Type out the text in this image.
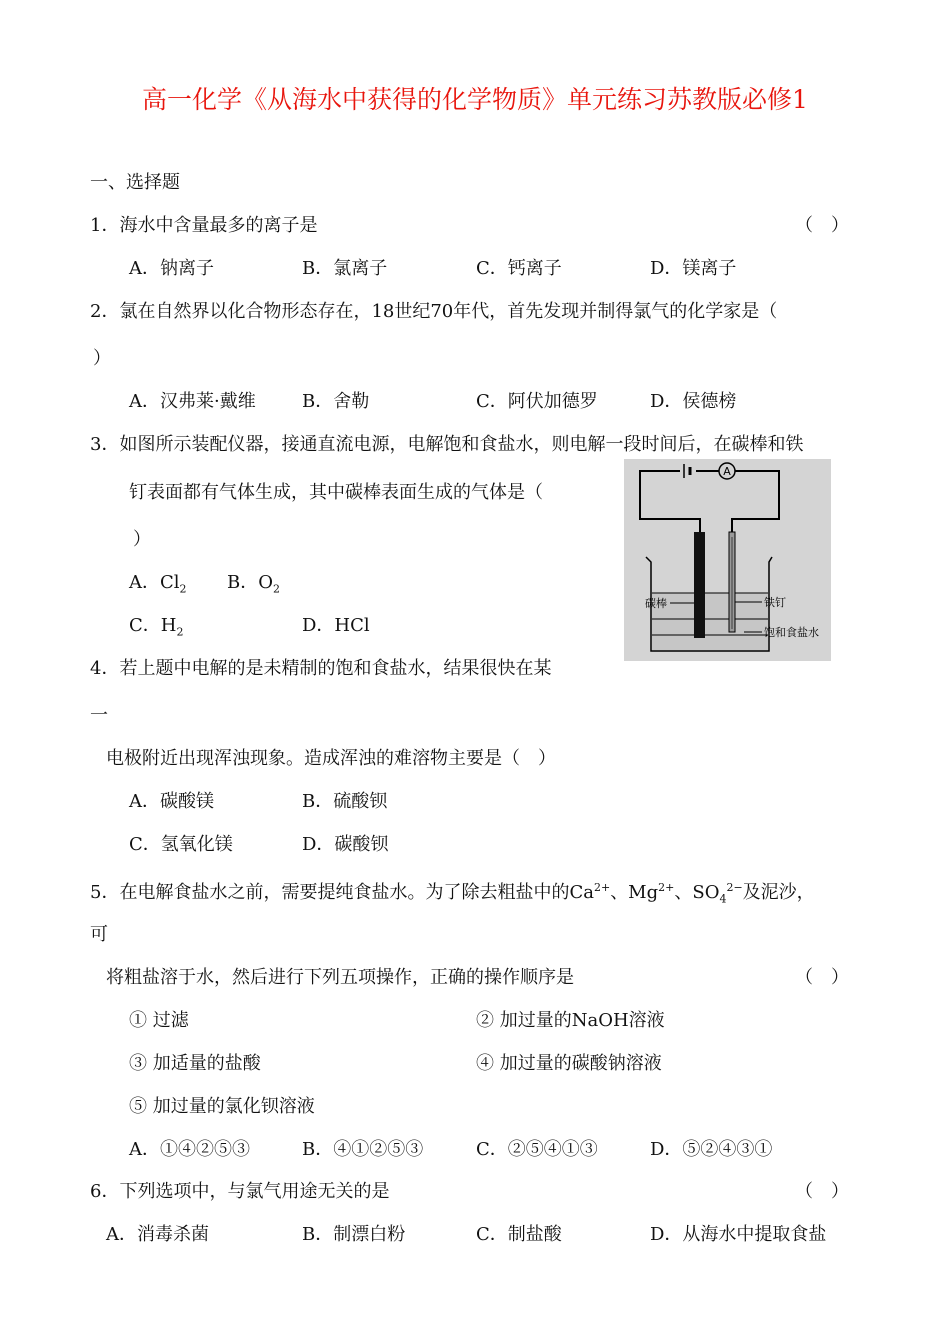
高一化学《从海水中获得的化学物质》单元练习苏教版必修1
一、选择题
1．海水中含量最多的离子是	（　）
A．钠离子	B．氯离子	C．钙离子	D．镁离子
2．氯在自然界以化合物形态存在，18世纪70年代，首先发现并制得氯气的化学家是（
）
A．汉弗莱·戴维	B．舍勒	C．阿伏加德罗	D．侯德榜
3．如图所示装配仪器，接通直流电源，电解饱和食盐水，则电解一段时间后，在碳棒和铁
钉表面都有气体生成，其中碳棒表面生成的气体是（
）
A．$Cl_2$ B．$O_2$
C．$H_2$	D．HCl
A
碳棒	铁钉
饱和食盐水
4．若上题中电解的是未精制的饱和食盐水，结果很快在某
一
电极附近出现浑浊现象。造成浑浊的难溶物主要是（　）
A．碳酸镁	B．硫酸钡
C．氢氧化镁	D．碳酸钡
5．在电解食盐水之前，需要提纯食盐水。为了除去粗盐中的$Ca^{2+}$、$Mg^{2+}$、$SO_4^{2-}$及泥沙，
可
将粗盐溶于水，然后进行下列五项操作，正确的操作顺序是	（　）
① 过滤	② 加过量的NaOH溶液
③ 加适量的盐酸	④ 加过量的碳酸钠溶液
⑤ 加过量的氯化钡溶液
A．①④②⑤③	B．④①②⑤③	C．②⑤④①③	D．⑤②④③①
6．下列选项中，与氯气用途无关的是	（　）
A．消毒杀菌	B．制漂白粉	C．制盐酸	D．从海水中提取食盐
